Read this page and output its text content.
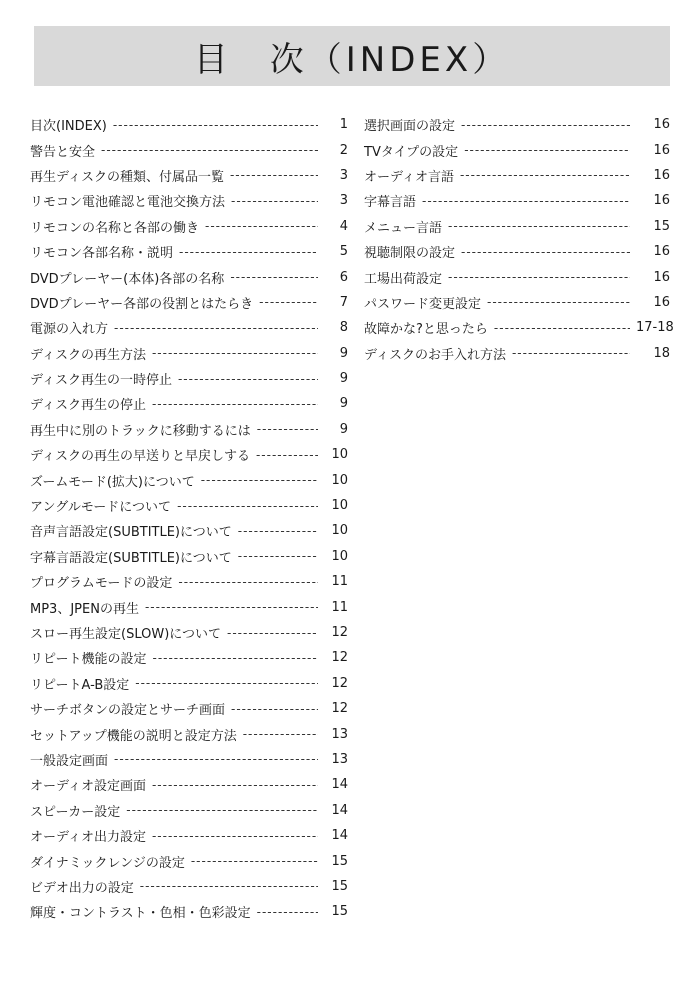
目　次（INDEX）
目次(INDEX) -----	1
警告と安全 -----	2
再生ディスクの種類、付属品一覧 -----	3
リモコン電池確認と電池交換方法 -----	3
リモコンの名称と各部の働き -----	4
リモコン各部名称・説明 -----	5
DVDプレーヤー(本体)各部の名称 -----	6
DVDプレーヤー各部の役割とはたらき -----	7
電源の入れ方 -----	8
ディスクの再生方法 -----	9
ディスク再生の一時停止 -----	9
ディスク再生の停止 -----	9
再生中に別のトラックに移動するには -----	9
ディスクの再生の早送りと早戻しする -----	10
ズームモード(拡大)について -----	10
アングルモードについて -----	10
音声言語設定(SUBTITLE)について -----	10
字幕言語設定(SUBTITLE)について -----	10
プログラムモードの設定 -----	11
MP3、JPENの再生 -----	11
スロー再生設定(SLOW)について -----	12
リピート機能の設定 -----	12
リピートA-B設定 -----	12
サーチボタンの設定とサーチ画面 -----	12
セットアップ機能の説明と設定方法 -----	13
一般設定画面 -----	13
オーディオ設定画面 -----	14
スピーカー設定 -----	14
オーディオ出力設定 -----	14
ダイナミックレンジの設定 -----	15
ビデオ出力の設定 -----	15
輝度・コントラスト・色相・色彩設定 -----	15
選択画面の設定 -----	16
TVタイプの設定 -----	16
オーディオ言語 -----	16
字幕言語 -----	16
メニュー言語 -----	15
視聴制限の設定 -----	16
工場出荷設定 -----	16
パスワード変更設定 -----	16
故障かな?と思ったら -----	17-18
ディスクのお手入れ方法 -----	18
